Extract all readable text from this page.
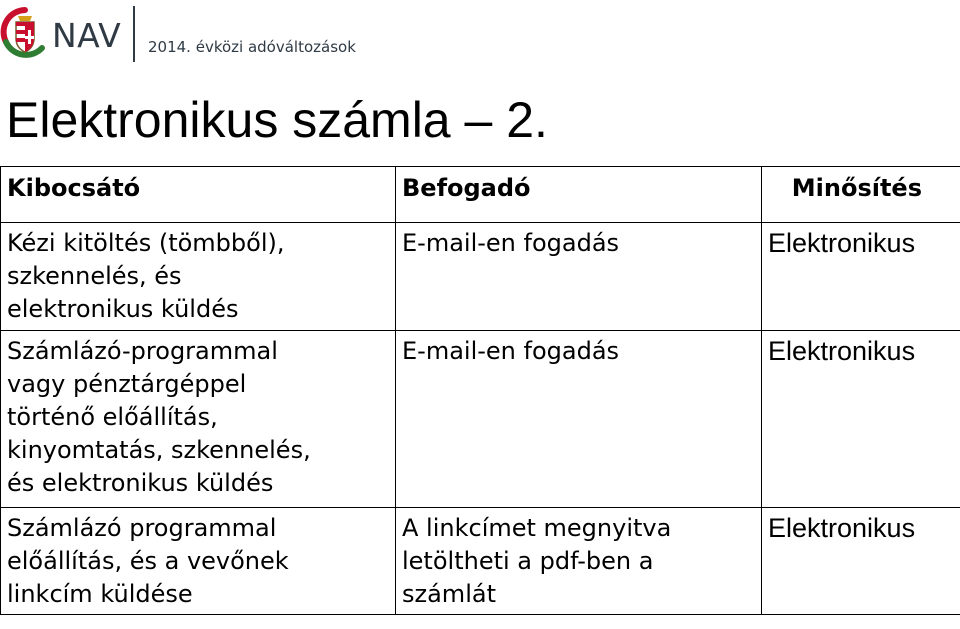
NAV 2014. évközi adóváltozások
Elektronikus számla – 2.
Kibocsátó	Befogadó	Minősítés

Kézi kitöltés (tömbből),
szkennelés, és
elektronikus küldés	E-mail-en fogadás	Elektronikus

Számlázó-programmal
vagy pénztárgéppel
történő előállítás,
kinyomtatás, szkennelés,
és elektronikus küldés	E-mail-en fogadás	Elektronikus

Számlázó programmal
előállítás, és a vevőnek
linkcím küldése	A linkcímet megnyitva
letöltheti a pdf-ben a
számlát	Elektronikus
